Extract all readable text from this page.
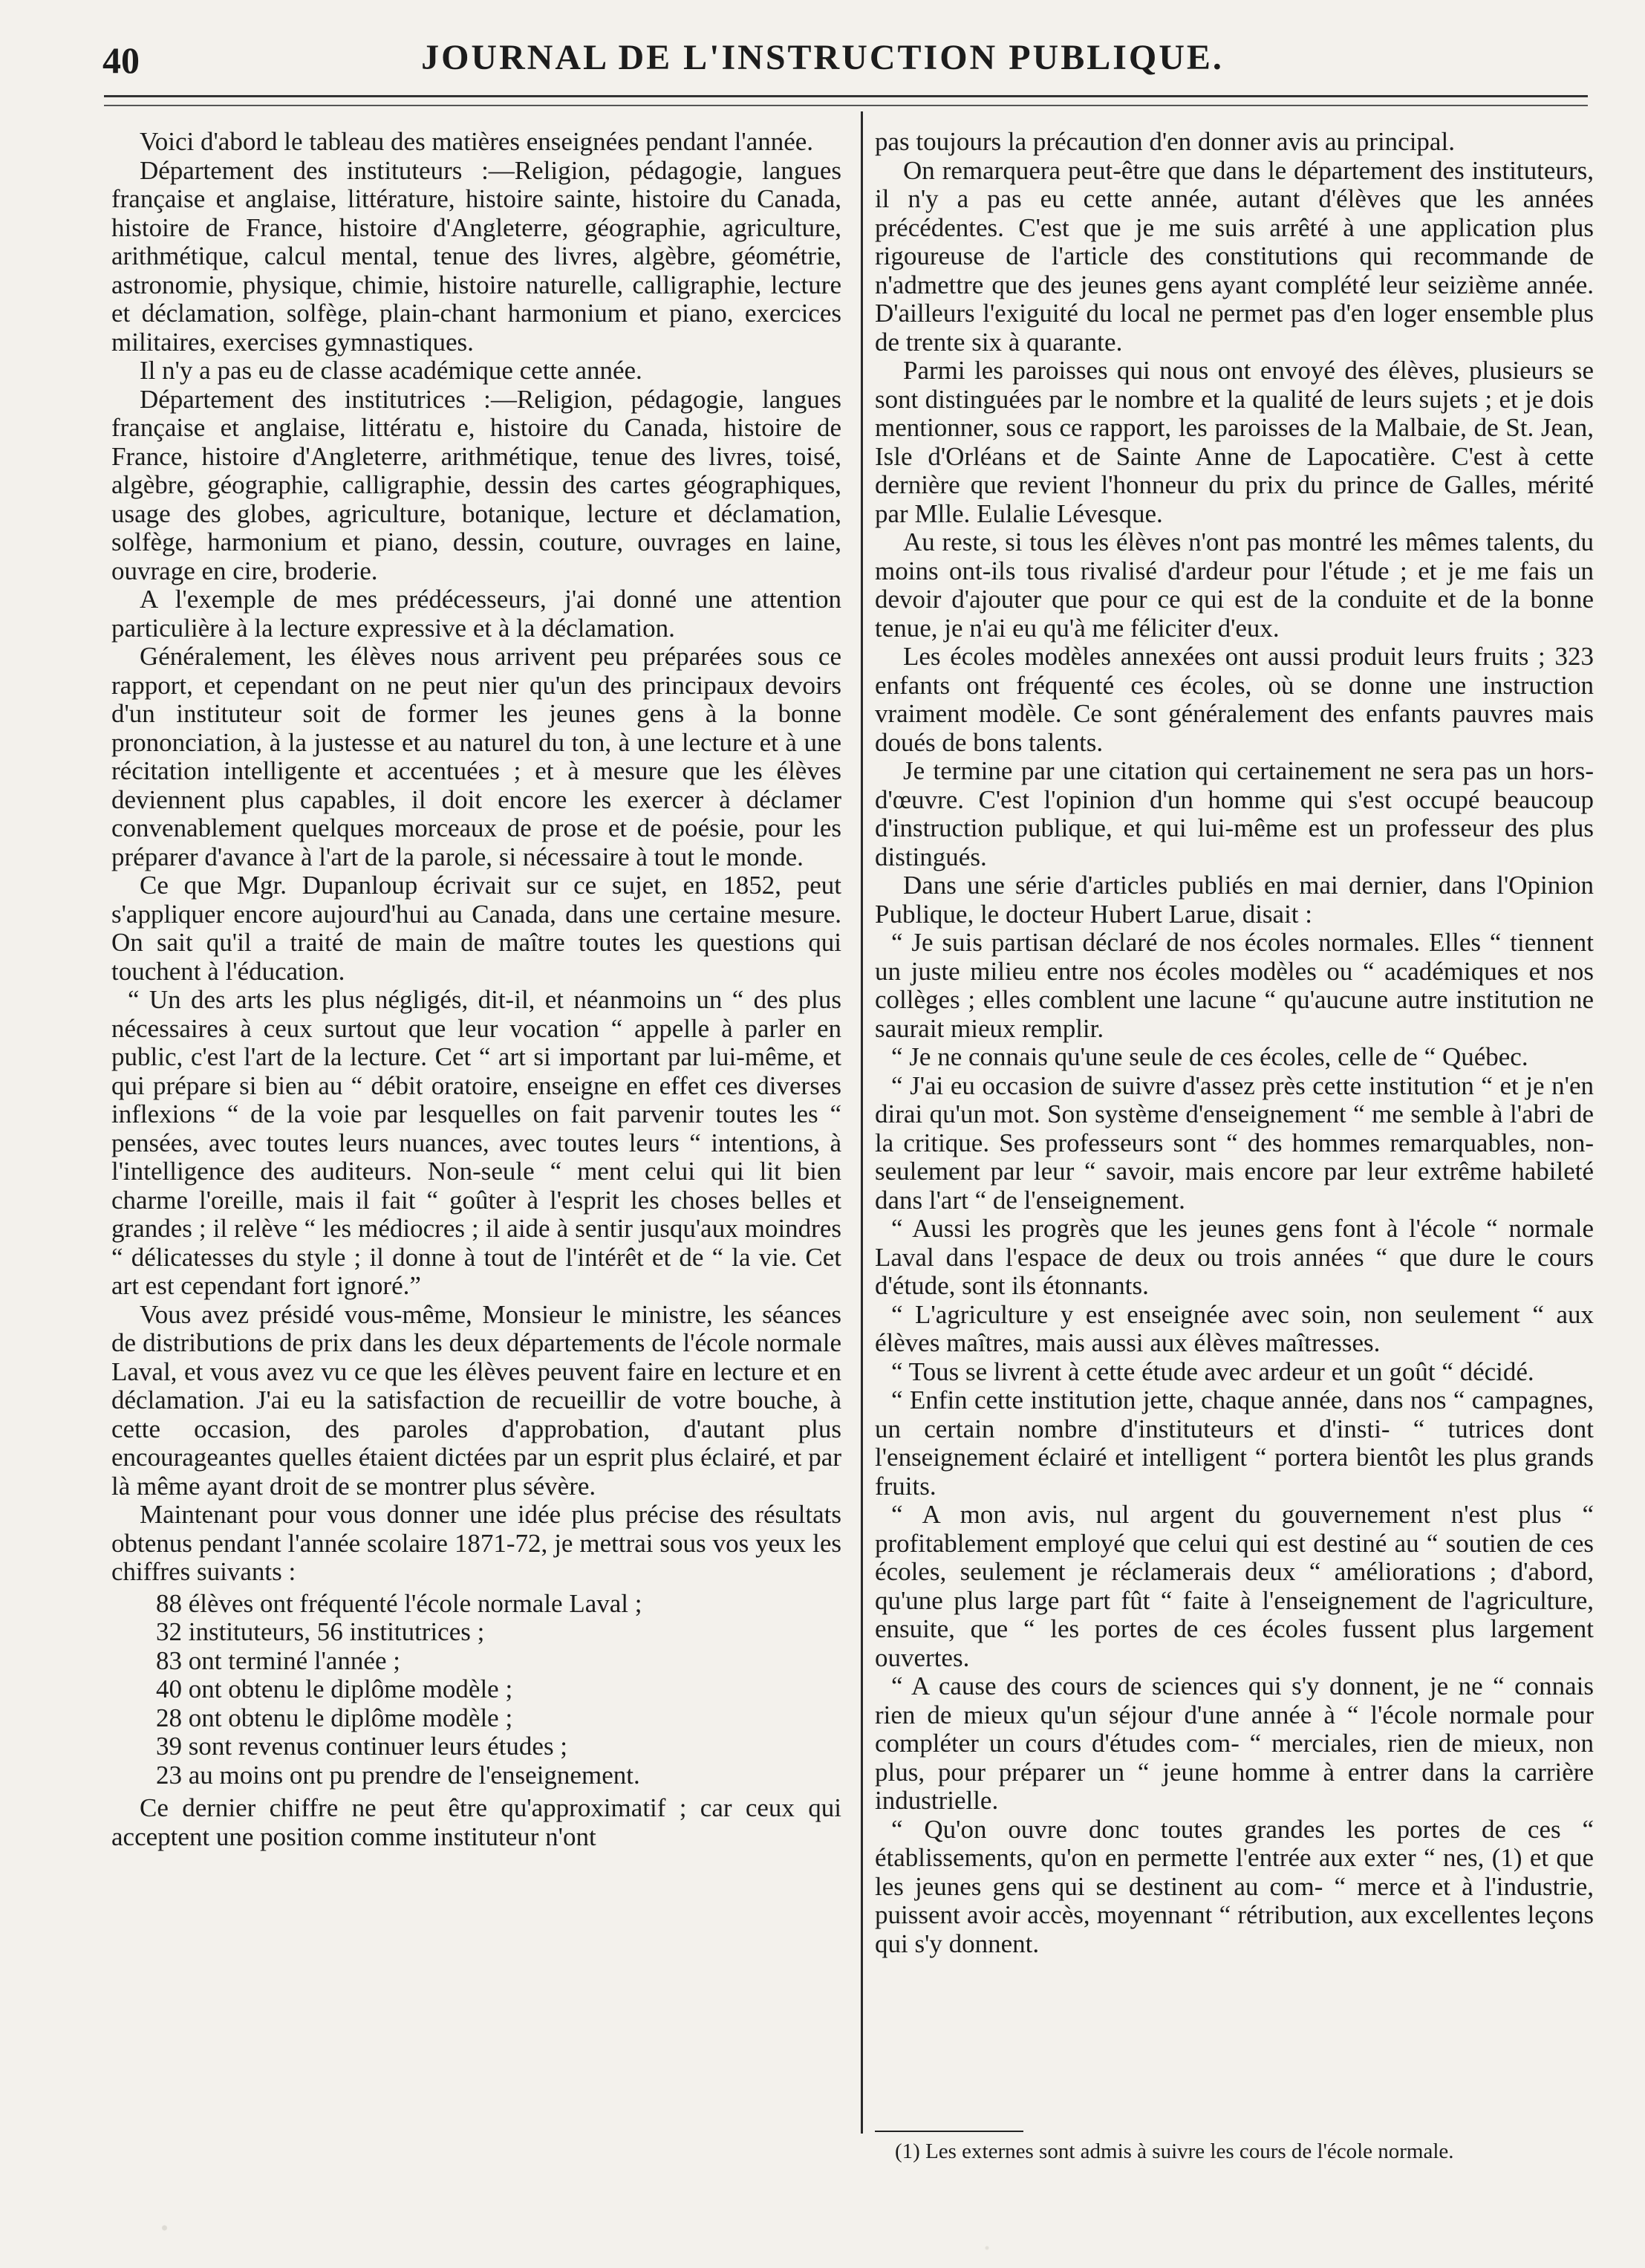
40	JOURNAL DE L'INSTRUCTION PUBLIQUE.

Voici d'abord le tableau des matières enseignées pendant l'année.

Département des instituteurs :—Religion, pédagogie, langues française et anglaise, littérature, histoire sainte, histoire du Canada, histoire de France, histoire d'Angleterre, géographie, agriculture, arithmétique, calcul mental, tenue des livres, algèbre, géométrie, astronomie, physique, chimie, histoire naturelle, calligraphie, lecture et déclamation, solfège, plain-chant harmonium et piano, exercices militaires, exercises gymnastiques.

Il n'y a pas eu de classe académique cette année.

Département des institutrices :—Religion, pédagogie, langues française et anglaise, littératu e, histoire du Canada, histoire de France, histoire d'Angleterre, arithmétique, tenue des livres, toisé, algèbre, géographie, calligraphie, dessin des cartes géographiques, usage des globes, agriculture, botanique, lecture et déclamation, solfège, harmonium et piano, dessin, couture, ouvrages en laine, ouvrage en cire, broderie.

A l'exemple de mes prédécesseurs, j'ai donné une attention particulière à la lecture expressive et à la déclamation.

Généralement, les élèves nous arrivent peu préparées sous ce rapport, et cependant on ne peut nier qu'un des principaux devoirs d'un instituteur soit de former les jeunes gens à la bonne prononciation, à la justesse et au naturel du ton, à une lecture et à une récitation intelligente et accentuées ; et à mesure que les élèves deviennent plus capables, il doit encore les exercer à déclamer convenablement quelques morceaux de prose et de poésie, pour les préparer d'avance à l'art de la parole, si nécessaire à tout le monde.

Ce que Mgr. Dupanloup écrivait sur ce sujet, en 1852, peut s'appliquer encore aujourd'hui au Canada, dans une certaine mesure. On sait qu'il a traité de main de maître toutes les questions qui touchent à l'éducation.

“ Un des arts les plus négligés, dit-il, et néanmoins un “ des plus nécessaires à ceux surtout que leur vocation “ appelle à parler en public, c'est l'art de la lecture. Cet “ art si important par lui-même, et qui prépare si bien au “ débit oratoire, enseigne en effet ces diverses inflexions “ de la voie par lesquelles on fait parvenir toutes les “ pensées, avec toutes leurs nuances, avec toutes leurs “ intentions, à l'intelligence des auditeurs. Non-seule “ ment celui qui lit bien charme l'oreille, mais il fait “ goûter à l'esprit les choses belles et grandes ; il relève “ les médiocres ; il aide à sentir jusqu'aux moindres “ délicatesses du style ; il donne à tout de l'intérêt et de “ la vie. Cet art est cependant fort ignoré.”

Vous avez présidé vous-même, Monsieur le ministre, les séances de distributions de prix dans les deux départements de l'école normale Laval, et vous avez vu ce que les élèves peuvent faire en lecture et en déclamation. J'ai eu la satisfaction de recueillir de votre bouche, à cette occasion, des paroles d'approbation, d'autant plus encourageantes quelles étaient dictées par un esprit plus éclairé, et par là même ayant droit de se montrer plus sévère.

Maintenant pour vous donner une idée plus précise des résultats obtenus pendant l'année scolaire 1871-72, je mettrai sous vos yeux les chiffres suivants :

88 élèves ont fréquenté l'école normale Laval ;
32 instituteurs, 56 institutrices ;
83 ont terminé l'année ;
40 ont obtenu le diplôme modèle ;
28 ont obtenu le diplôme modèle ;
39 sont revenus continuer leurs études ;
23 au moins ont pu prendre de l'enseignement.

Ce dernier chiffre ne peut être qu'approximatif ; car ceux qui acceptent une position comme instituteur n'ont

pas toujours la précaution d'en donner avis au principal.

On remarquera peut-être que dans le département des instituteurs, il n'y a pas eu cette année, autant d'élèves que les années précédentes. C'est que je me suis arrêté à une application plus rigoureuse de l'article des constitutions qui recommande de n'admettre que des jeunes gens ayant complété leur seizième année. D'ailleurs l'exiguité du local ne permet pas d'en loger ensemble plus de trente six à quarante.

Parmi les paroisses qui nous ont envoyé des élèves, plusieurs se sont distinguées par le nombre et la qualité de leurs sujets ; et je dois mentionner, sous ce rapport, les paroisses de la Malbaie, de St. Jean, Isle d'Orléans et de Sainte Anne de Lapocatière. C'est à cette dernière que revient l'honneur du prix du prince de Galles, mérité par Mlle. Eulalie Lévesque.

Au reste, si tous les élèves n'ont pas montré les mêmes talents, du moins ont-ils tous rivalisé d'ardeur pour l'étude ; et je me fais un devoir d'ajouter que pour ce qui est de la conduite et de la bonne tenue, je n'ai eu qu'à me féliciter d'eux.

Les écoles modèles annexées ont aussi produit leurs fruits ; 323 enfants ont fréquenté ces écoles, où se donne une instruction vraiment modèle. Ce sont généralement des enfants pauvres mais doués de bons talents.

Je termine par une citation qui certainement ne sera pas un hors-d'œuvre. C'est l'opinion d'un homme qui s'est occupé beaucoup d'instruction publique, et qui lui-même est un professeur des plus distingués.

Dans une série d'articles publiés en mai dernier, dans l'Opinion Publique, le docteur Hubert Larue, disait :

“ Je suis partisan déclaré de nos écoles normales. Elles “ tiennent un juste milieu entre nos écoles modèles ou “ académiques et nos collèges ; elles comblent une lacune “ qu'aucune autre institution ne saurait mieux remplir.

“ Je ne connais qu'une seule de ces écoles, celle de “ Québec.

“ J'ai eu occasion de suivre d'assez près cette institution “ et je n'en dirai qu'un mot. Son système d'enseignement “ me semble à l'abri de la critique. Ses professeurs sont “ des hommes remarquables, non-seulement par leur “ savoir, mais encore par leur extrême habileté dans l'art “ de l'enseignement.

“ Aussi les progrès que les jeunes gens font à l'école “ normale Laval dans l'espace de deux ou trois années “ que dure le cours d'étude, sont ils étonnants.

“ L'agriculture y est enseignée avec soin, non seulement “ aux élèves maîtres, mais aussi aux élèves maîtresses.

“ Tous se livrent à cette étude avec ardeur et un goût “ décidé.

“ Enfin cette institution jette, chaque année, dans nos “ campagnes, un certain nombre d'instituteurs et d'insti- “ tutrices dont l'enseignement éclairé et intelligent “ portera bientôt les plus grands fruits.

“ A mon avis, nul argent du gouvernement n'est plus “ profitablement employé que celui qui est destiné au “ soutien de ces écoles, seulement je réclamerais deux “ améliorations ; d'abord, qu'une plus large part fût “ faite à l'enseignement de l'agriculture, ensuite, que “ les portes de ces écoles fussent plus largement ouvertes.

“ A cause des cours de sciences qui s'y donnent, je ne “ connais rien de mieux qu'un séjour d'une année à “ l'école normale pour compléter un cours d'études com- “ merciales, rien de mieux, non plus, pour préparer un “ jeune homme à entrer dans la carrière industrielle.

“ Qu'on ouvre donc toutes grandes les portes de ces “ établissements, qu'on en permette l'entrée aux exter “ nes, (1) et que les jeunes gens qui se destinent au com- “ merce et à l'industrie, puissent avoir accès, moyennant “ rétribution, aux excellentes leçons qui s'y donnent.

(1) Les externes sont admis à suivre les cours de l'école normale.
